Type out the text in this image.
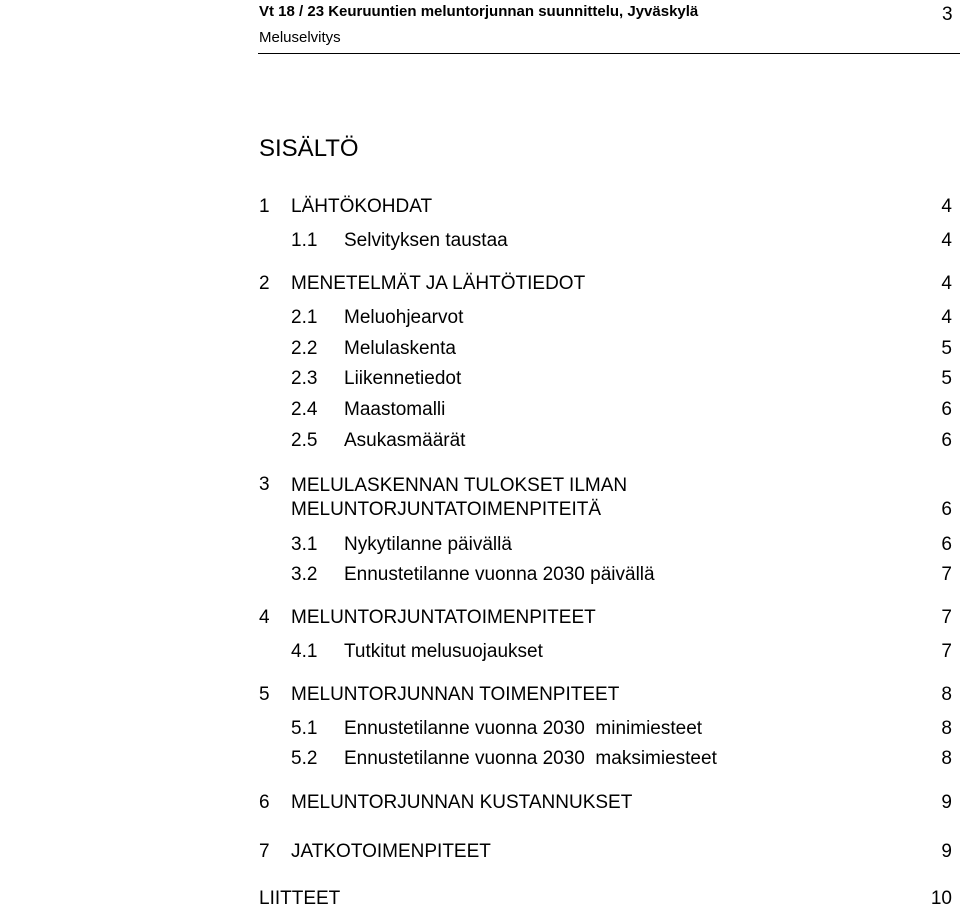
Vt 18 / 23 Keuruuntien meluntorjunnan suunnittelu, Jyväskylä
Meluselvitys
3
SISÄLTÖ
1 LÄHTÖKOHDAT	4
1.1 Selvityksen taustaa	4
2 MENETELMÄT JA LÄHTÖTIEDOT	4
2.1 Meluohjearvot	4
2.2 Melulaskenta	5
2.3 Liikennetiedot	5
2.4 Maastomalli	6
2.5 Asukasmäärät	6
3 MELULASKENNAN TULOKSET ILMAN
MELUNTORJUNTATOIMENPITEITÄ	6
3.1 Nykytilanne päivällä	6
3.2 Ennustetilanne vuonna 2030 päivällä	7
4 MELUNTORJUNTATOIMENPITEET	7
4.1 Tutkitut melusuojaukset	7
5 MELUNTORJUNNAN TOIMENPITEET	8
5.1 Ennustetilanne vuonna 2030  minimiesteet	8
5.2 Ennustetilanne vuonna 2030  maksimiesteet	8
6 MELUNTORJUNNAN KUSTANNUKSET	9
7 JATKOTOIMENPITEET	9
LIITTEET	10
